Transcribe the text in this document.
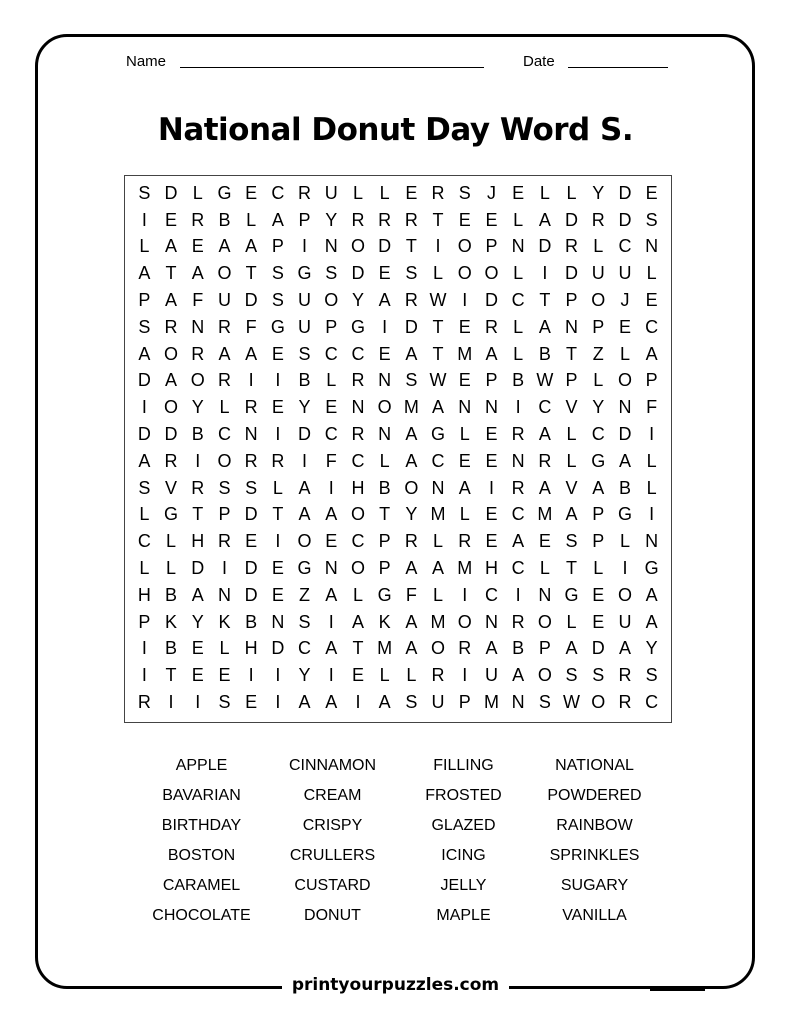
Name	Date
National Donut Day Word S.
S D L G E C R U L L E R S J E L L Y D E
I	E R B L A P Y R R R T E E L A D R D S
L A E A A P	I N O D T	I O P N D R L C N
A T A O T S G S D E S L O O L	I D U U L
P A F U D S U O Y A R W I D C T P O J E
S R N R F G U P G I D T E R L A N P E C
A O R A A E S C C E A T M A L B T Z L A
D A O R I	I	B L R N S W E P B W P L O P
I O Y L R E Y E N O M A N N I C V Y N F
D D B C N I D C R N A G L E R A L C D I
A R I O R R I	F C L A C E E N R L G A L
S V R S S L A	I H B O N A	I R A V A B L
L G T P D T A A O T Y M L E C M A P G I
C L H R E	I O E C P R L R E A E S P L N
L L D I D E G N O P A A M H C L T L	I G
H B A N D E Z A L G F L	I C I N G E O A
P K Y K B N S	I	A K A M O N R O L E U A
I	B E L H D C A T M A O R A B P A D A Y
I	T E E	I	I	Y	I	E L L R I U A O S S R S
R I	I	S E	I	A A	I	A S U P M N S W O R C
APPLE	CINNAMON	FILLING	NATIONAL
BAVARIAN	CREAM	FROSTED	POWDERED
BIRTHDAY	CRISPY	GLAZED	RAINBOW
BOSTON	CRULLERS	ICING	SPRINKLES
CARAMEL	CUSTARD	JELLY	SUGARY
CHOCOLATE	DONUT	MAPLE	VANILLA
printyourpuzzles.com
